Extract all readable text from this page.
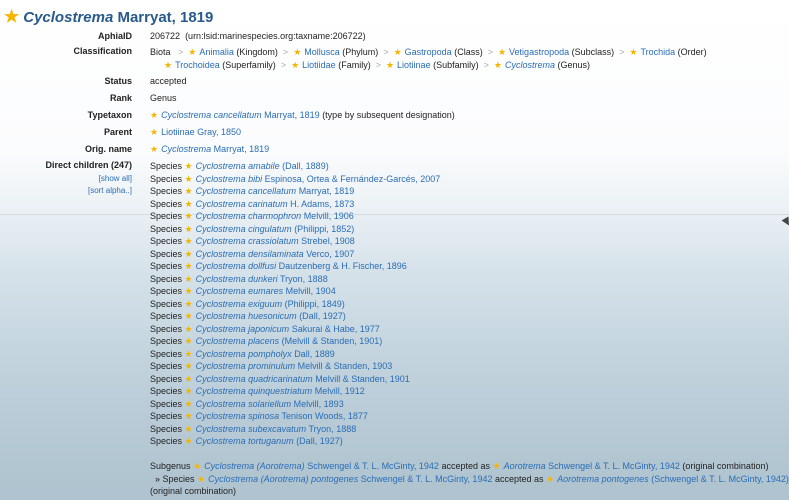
★ Cyclostrema
Marryat, 1819
AphiaID	206722 (urn:lsid:marinespecies.org:taxname:206722)
Classification	Biota > ★ Animalia (Kingdom) > ★ Mollusca (Phylum) > ★ Gastropoda (Class) > ★ Vetigastropoda (Subclass) > ★ Trochida (Order)
★ Trochoidea (Superfamily) > ★ Liotiidae (Family) > ★ Liotiinae (Subfamily) > ★ Cyclostrema (Genus)
Status	accepted
Rank	Genus
Typetaxon	★ Cyclostrema cancellatum Marryat, 1819 (type by subsequent designation)
Parent	★ Liotiinae Gray, 1850
Orig. name	★ Cyclostrema Marryat, 1819
Direct children (247)	Species ★ Cyclostrema amabile (Dall, 1889)
Species ★ Cyclostrema bibi Espinosa, Ortea & Fernández-Garcés, 2007
Species ★ Cyclostrema cancellatum Marryat, 1819
Species ★ Cyclostrema carinatum H. Adams, 1873
Species ★ Cyclostrema charmophron Melvill, 1906
Species ★ Cyclostrema cingulatum (Philippi, 1852)
Species ★ Cyclostrema crassiolatum Strebel, 1908
Species ★ Cyclostrema densilaminata Verco, 1907
Species ★ Cyclostrema dollfusi Dautzenberg & H. Fischer, 1896
Species ★ Cyclostrema dunkeri Tryon, 1888
Species ★ Cyclostrema eumares Melvill, 1904
Species ★ Cyclostrema exiguum (Philippi, 1849)
Species ★ Cyclostrema huesonicum (Dall, 1927)
Species ★ Cyclostrema japonicum Sakurai & Habe, 1977
Species ★ Cyclostrema placens (Melvill & Standen, 1901)
Species ★ Cyclostrema pompholyx Dall, 1889
Species ★ Cyclostrema prominulum Melvill & Standen, 1903
Species ★ Cyclostrema quadricarinatum Melvill & Standen, 1901
Species ★ Cyclostrema quinquestriatum Melvill, 1912
Species ★ Cyclostrema solariellum Melvill, 1893
Species ★ Cyclostrema spinosa Tenison Woods, 1877
Species ★ Cyclostrema subexcavatum Tryon, 1888
Species ★ Cyclostrema tortuganum (Dall, 1927)
[show all]
[sort alpha..]
Subgenus ★ Cyclostrema (Aorotrema) Schwengel & T. L. McGinty, 1942 accepted as ★ Aorotrema Schwengel & T. L. McGinty, 1942 (original combination)
» Species ★ Cyclostrema (Aorotrema) pontogenes Schwengel & T. L. McGinty, 1942 accepted as ★ Aorotrema pontogenes (Schwengel & T. L. McGinty, 1942)
(original combination)
